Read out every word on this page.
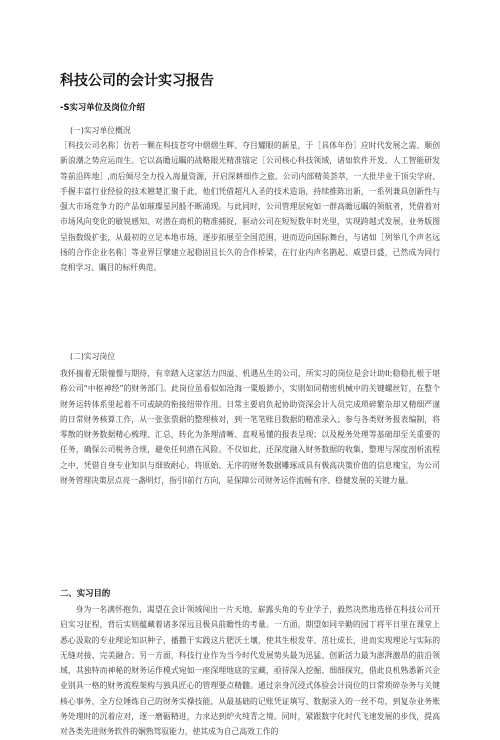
科技公司的会计实习报告
-S实习单位及岗位介绍
(一)实习单位概况
［科技公司名称］仿若一颗在科技苍穹中熠熠生辉、夺目耀眼的新星，于［具体年份］应时代发展之需、顺创新浪潮之势应运而生。它以高瞻远瞩的战略眼光精准锚定［公司核心科技领域，诸如软件开发、人工智能研发等前沿阵地］,而后倾尽全力投入海量资源，开启深耕细作之旅。公司内部精英荟萃，一大批毕业于顶尖学府、手握丰富行业经验的技术翘楚汇聚于此，他们凭借超凡入圣的技术造诣，持续推陈出新，一系列兼具创新性与强大市场竞争力的产品如璀璨星河般不断涌现。与此同时，公司管理层宛如一群高瞻远瞩的领航者，凭借着对市场风向变化的敏锐感知、对潜在商机的精准捕捉，驱动公司在短短数年时光里，实现跨越式发展，业务版图呈指数级扩张，从最初的立足本地市场，逐步拓展至全国范围，进而迈向国际舞台，与诸如［列举几个声名远扬的合作企业名称］等业界巨擘建立起稳固且长久的合作桥梁，在行业内声名鹊起、威望日盛，已然成为同行竞相学习、瞩目的标杆典范。
(二)实习岗位
我怀揣着无限憧憬与期待，有幸踏入这家活力四溢、机遇丛生的公司，所实习的岗位是会计助II;稳稳扎根于堪称公司“中枢神经”的财务部门。此岗位虽看似如沧海一粟般渺小，实则如同精密机械中的关键螺丝钉，在整个财务运转体系里起着不可或缺的衔接纽带作用。日常主要肩负起协助资深会计人员完成琐碎繁杂却又精细严谨的日常财务核算工作，从一张张票据的整理核对，到一笔笔账目数据的精准录入；参与各类财务报表编制，将零散的财务数据精心梳理、汇总，转化为条理清晰、直观易懂的报表呈现；以及税务处理等基础却至关重要的任务，确保公司税务合规，避免任何潜在风险。不仅如此，还深度融入财务数据的收集、整理与深度剖析流程之中，凭借自身专业知识与细致耐心，将原始、无序的财务数据雕琢成具有极高决策价值的信息瑰宝，为公司财务管理决策层点亮一盏明灯，指引I前行方向，是保障公司财务运作流畅有序、稳健发展的关键力量。
二、实习目的
身为一名满怀抱负、渴望在会计领域闯出一片天地、崭露头角的专业学子，毅然决然地选择在科技公司开启实习征程，背后实则蕴藏着诸多深远且极具前瞻性的考量。一方面，期望如同辛勤的园丁将平日里在课堂上悉心汲取的专业理论知识种子，播撒于实践这片肥沃土壤，使其生根发芽、茁壮成长，进而实现理论与实际的无缝对接、完美融合；另一方面，科技行业作为当今时代发展势头最为迅猛、创新活力最为澎湃激昂的前沿领域，其独特而神秘的财务运作模式宛如一座深埋地底的宝藏，亟待深入挖掘、细细探究，借此良机熟悉新兴企业别具一格的财务流程架构与独具匠心的管理要点精髓。通过亲身沉浸式体验会计岗位的日常琐碎杂务与关键核心事务，全方位锤炼自己的财务实操技能，从最基础的记账凭证填写、数据录入的一丝不苟，到复杂业务账务处理时的沉着应对，逐一磨砺精进，力求达到炉火纯青之境。同时，紧跟数字化时代飞速发展的步伐，提高对各类先进财务软件的娴熟驾驭能力，使其成为自己高效工作的
